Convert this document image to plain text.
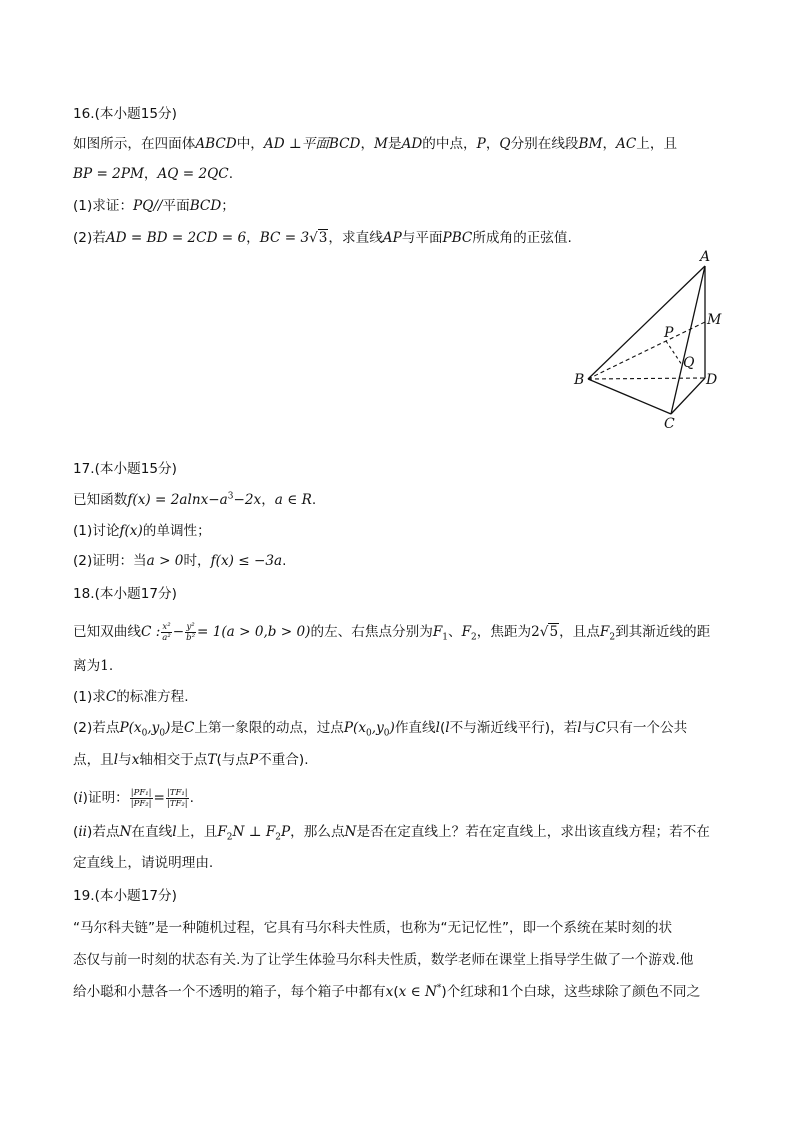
16.(本小题15分)
如图所示，在四面体ABCD中，AD ⊥平面BCD，M是AD的中点，P，Q分别在线段BM，AC上，且
BP = 2PM，AQ = 2QC.
(1)求证：PQ//平面BCD；
(2)若AD = BD = 2CD = 6，BC = 3√3，求直线AP与平面PBC所成角的正弦值.
A
B
C
D
M
P
Q
17.(本小题15分)
已知函数$f(x) = 2alnx-a^3-2x$，a ∈ R.
(1)讨论f(x)的单调性；
(2)证明：当a > 0时，f(x) ≤ −3a.
18.(本小题17分)
已知双曲线C : $\frac{\text{x²}}{\text{a²}} - \frac{\text{y²}}{\text{b²}} = 1(a > 0,b > 0)$的左、右焦点分别为$F_1$、$F_2$，焦距为2√5，且点$F_2$到其渐近线的距
离为1.
(1)求C的标准方程.
(2)若点$P(x_0,y_0)$是C上第一象限的动点，过点$P(x_0,y_0)$作直线l(l不与渐近线平行)，若l与C只有一个公共
点，且l与x轴相交于点T(与点P不重合).
(i)证明： $\frac{\text{|PF₁|}}{\text{|PF₂|}} = \frac{\text{|TF₁|}}{\text{|TF₂|}}$ .
(ii)若点N在直线l上，且$F_2N$ ⊥ $F_2P$，那么点N是否在定直线上？若在定直线上，求出该直线方程；若不在
定直线上，请说明理由.
19.(本小题17分)
“马尔科夫链”是一种随机过程，它具有马尔科夫性质，也称为“无记忆性”，即一个系统在某时刻的状
态仅与前一时刻的状态有关.为了让学生体验马尔科夫性质，数学老师在课堂上指导学生做了一个游戏.他
给小聪和小慧各一个不透明的箱子，每个箱子中都有x(x ∈ N*)个红球和1个白球，这些球除了颜色不同之
